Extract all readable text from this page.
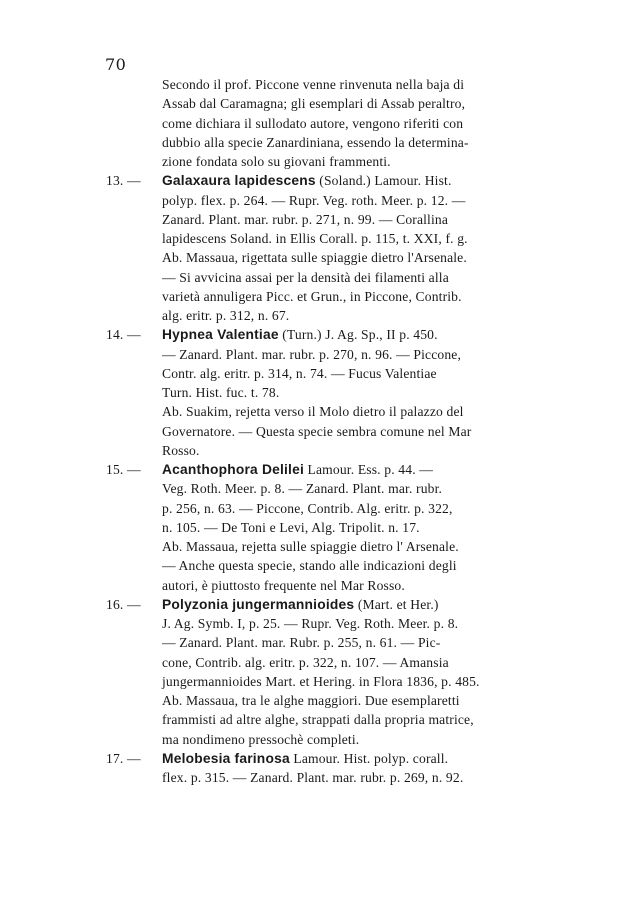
70
Secondo il prof. Piccone venne rinvenuta nella baja di
Assab dal Caramagna; gli esemplari di Assab peraltro,
come dichiara il sullodato autore, vengono riferiti con
dubbio alla specie Zanardiniana, essendo la determina-
zione fondata solo su giovani frammenti.
13. — Galaxaura lapidescens (Soland.) Lamour. Hist.
polyp. flex. p. 264. — Rupr. Veg. roth. Meer. p. 12. —
Zanard. Plant. mar. rubr. p. 271, n. 99. — Corallina
lapidescens Soland. in Ellis Corall. p. 115, t. XXI, f. g.
Ab. Massaua, rigettata sulle spiaggie dietro l'Arsenale.
— Si avvicina assai per la densità dei filamenti alla
varietà annuligera Picc. et Grun., in Piccone, Contrib.
alg. eritr. p. 312, n. 67.
14. — Hypnea Valentiae (Turn.) J. Ag. Sp., II p. 450.
— Zanard. Plant. mar. rubr. p. 270, n. 96. — Piccone,
Contr. alg. eritr. p. 314, n. 74. — Fucus Valentiae
Turn. Hist. fuc. t. 78.
Ab. Suakim, rejetta verso il Molo dietro il palazzo del
Governatore. — Questa specie sembra comune nel Mar
Rosso.
15. — Acanthophora Delilei Lamour. Ess. p. 44. —
Veg. Roth. Meer. p. 8. — Zanard. Plant. mar. rubr.
p. 256, n. 63. — Piccone, Contrib. Alg. eritr. p. 322,
n. 105. — De Toni e Levi, Alg. Tripolit. n. 17.
Ab. Massaua, rejetta sulle spiaggie dietro l' Arsenale.
— Anche questa specie, stando alle indicazioni degli
autori, è piuttosto frequente nel Mar Rosso.
16. — Polyzonia jungermannioides (Mart. et Her.)
J. Ag. Symb. I, p. 25. — Rupr. Veg. Roth. Meer. p. 8.
— Zanard. Plant. mar. Rubr. p. 255, n. 61. — Pic-
cone, Contrib. alg. eritr. p. 322, n. 107. — Amansia
jungermannioides Mart. et Hering. in Flora 1836, p. 485.
Ab. Massaua, tra le alghe maggiori. Due esemplaretti
frammisti ad altre alghe, strappati dalla propria matrice,
ma nondimeno pressochè completi.
17. — Melobesia farinosa Lamour. Hist. polyp. corall.
flex. p. 315. — Zanard. Plant. mar. rubr. p. 269, n. 92.
